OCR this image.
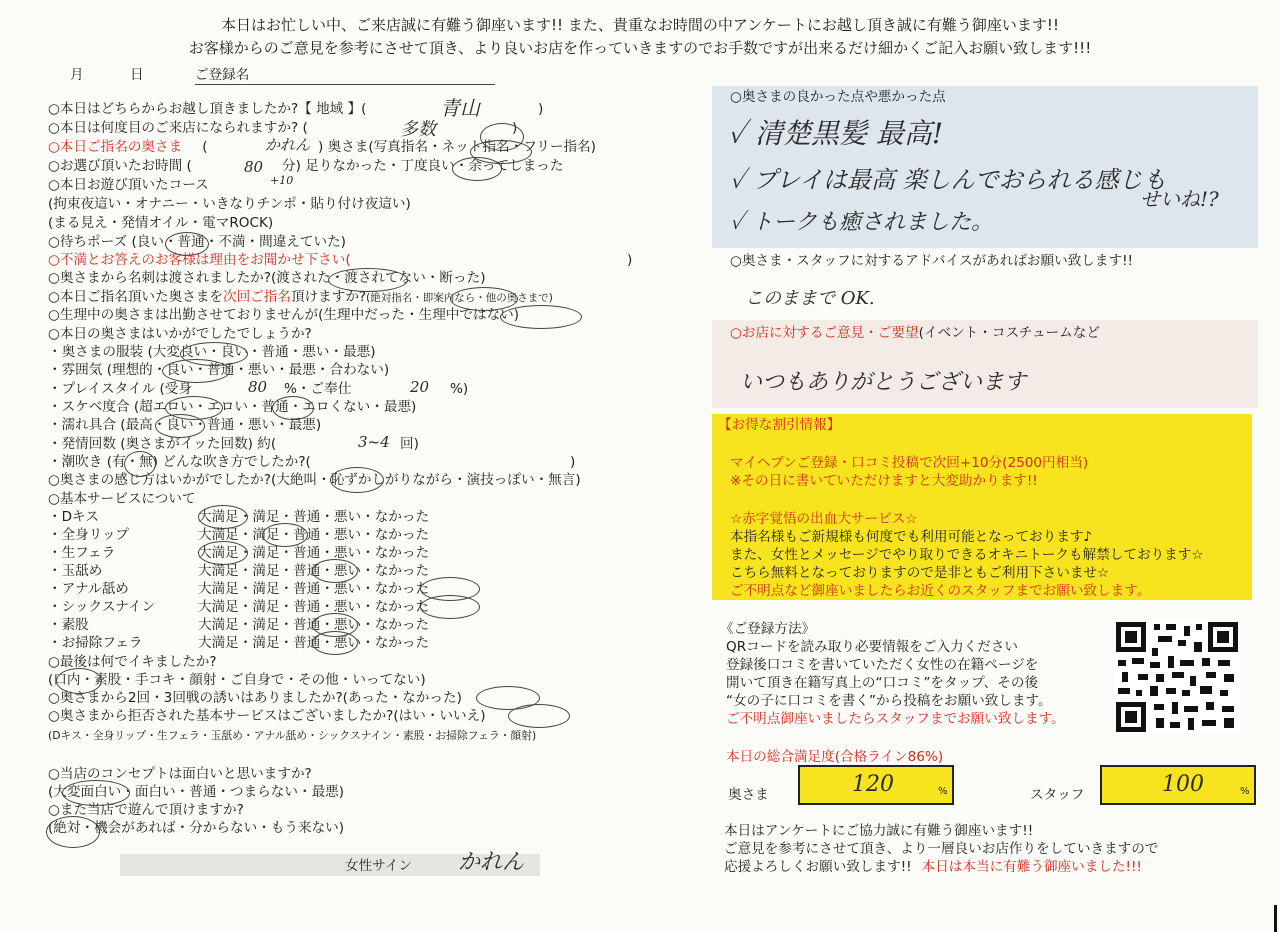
本日はお忙しい中、ご来店誠に有難う御座います!! また、貴重なお時間の中アンケートにお越し頂き誠に有難う御座います!!
お客様からのご意見を参考にさせて頂き、より良いお店を作っていきますのでお手数ですが出来るだけ細かくご記入お願い致します!!!
月	日	ご登録名
○本日はどちらからお越し頂きましたか?【 地域 】(	青山	)
○本日は何度目のご来店になられますか? (	多数	)
○本日ご指名の奥さま (	かれん ) 奥さま(写真指名・ネット指名・フリー指名)
○お選び頂いたお時間 (	80 分) 足りなかった・丁度良い・余ってしまった
+10
○本日お遊び頂いたコース
(拘束夜這い・オナニー・いきなりチンポ・貼り付け夜這い)
(まる見え・発情オイル・電マROCK)
○待ちポーズ (良い・普通・不満・間違えていた)
○不満とお答えのお客様は理由をお聞かせ下さい(	)
○奥さまから名刺は渡されましたか?(渡された・渡されてない・断った)
○本日ご指名頂いた奥さまを次回ご指名頂けますか?(絶対指名・即案内なら・他の奥さまで)
○生理中の奥さまは出勤させておりませんが(生理中だった・生理中ではない)
○本日の奥さまはいかがでしたでしょうか?
・奥さまの服装 (大変良い・良い・普通・悪い・最悪)
・雰囲気 (理想的・良い・普通・悪い・最悪・合わない)
・プレイスタイル (受身	80 %・ご奉仕	20 %)
・スケベ度合 (超エロい・エロい・普通・エロくない・最悪)
・濡れ具合 (最高・良い・普通・悪い・最悪)
・発情回数 (奥さまがイッた回数) 約(	3~4 回)
・潮吹き (有・無) どんな吹き方でしたか?(	)
○奥さまの感じ方はいかがでしたか?(大絶叫・恥ずかしがりながら・演技っぽい・無言)
○基本サービスについて
・Dキス	大満足・満足・普通・悪い・なかった
・全身リップ	大満足・満足・普通・悪い・なかった
・生フェラ	大満足・満足・普通・悪い・なかった
・玉舐め	大満足・満足・普通・悪い・なかった
・アナル舐め	大満足・満足・普通・悪い・なかった
・シックスナイン	大満足・満足・普通・悪い・なかった
・素股	大満足・満足・普通・悪い・なかった
・お掃除フェラ	大満足・満足・普通・悪い・なかった
○最後は何でイキましたか?
(口内・素股・手コキ・顔射・ご自身で・その他・いってない)
○奥さまから2回・3回戦の誘いはありましたか?(あった・なかった)
○奥さまから拒否された基本サービスはございましたか?(はい・いいえ)
(Dキス・全身リップ・生フェラ・玉舐め・アナル舐め・シックスナイン・素股・お掃除フェラ・顔射)
○当店のコンセプトは面白いと思いますか?
(大変面白い・面白い・普通・つまらない・最悪)
○また当店で遊んで頂けますか?
(絶対・機会があれば・分からない・もう来ない)
女性サイン かれん
○奥さまの良かった点や悪かった点
✓ 清楚黒髪 最高!
✓ プレイは最高 楽しんでおられる感じも
せいね!?
✓ トークも癒されました。
○奥さま・スタッフに対するアドバイスがあればお願い致します!!
このままで OK.
○お店に対するご意見・ご要望(イベント・コスチュームなど
いつもありがとうございます
【お得な割引情報】
マイヘブンご登録・口コミ投稿で次回+10分(2500円相当)
※その日に書いていただけますと大変助かります!!
☆赤字覚悟の出血大サービス☆
本指名様もご新規様も何度でも利用可能となっております♪
また、女性とメッセージでやり取りできるオキニトークも解禁しております☆
こちら無料となっておりますので是非ともご利用下さいませ☆
ご不明点など御座いましたらお近くのスタッフまでお願い致します。
《ご登録方法》
QRコードを読み取り必要情報をご入力ください
登録後口コミを書いていただく女性の在籍ページを
開いて頂き在籍写真上の“口コミ”をタップ、その後
“女の子に口コミを書く”から投稿をお願い致します。
ご不明点御座いましたらスタッフまでお願い致します。
本日の総合満足度(合格ライン86%)
奥さま	120	%	スタッフ	100	%
本日はアンケートにご協力誠に有難う御座います!!
ご意見を参考にさせて頂き、より一層良いお店作りをしていきますので
応援よろしくお願い致します!! 本日は本当に有難う御座いました!!!
